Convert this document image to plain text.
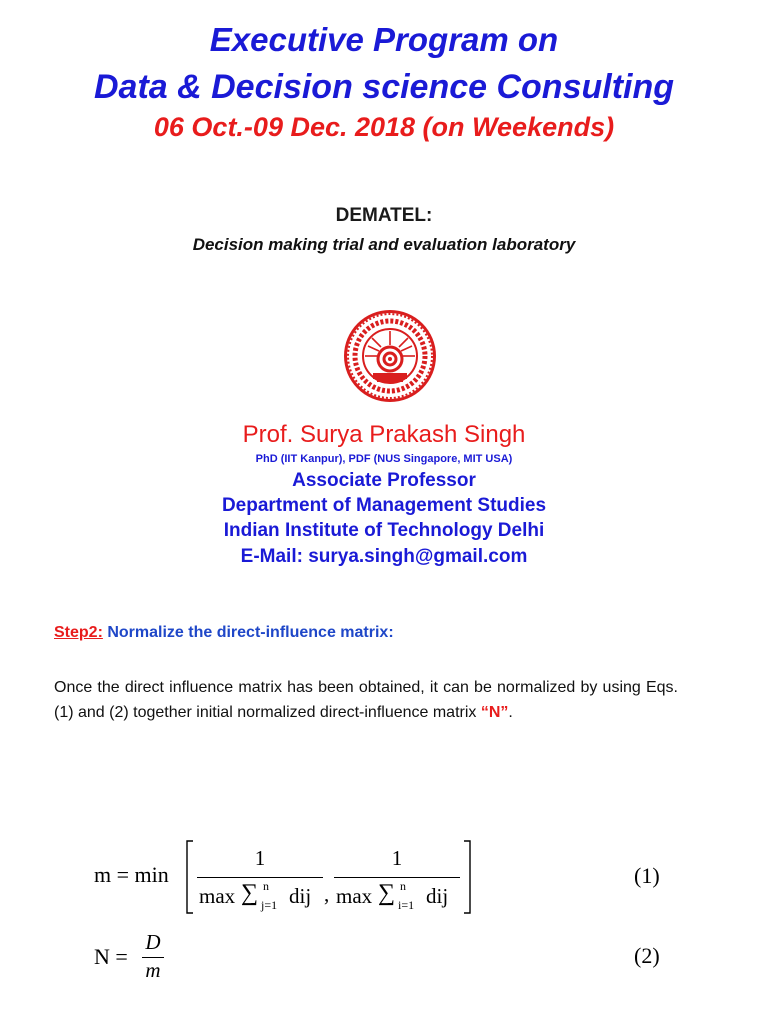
Executive Program on
Data & Decision science Consulting
06 Oct.-09 Dec. 2018 (on Weekends)
DEMATEL:
Decision making trial and evaluation laboratory
Prof. Surya Prakash Singh
PhD (IIT Kanpur), PDF (NUS Singapore, MIT USA)
Associate Professor
Department of Management Studies
Indian Institute of Technology Delhi
E-Mail: surya.singh@gmail.com
Step2: Normalize the direct-influence matrix:
Once the direct influence matrix has been obtained, it can be normalized by using Eqs. (1) and (2) together initial normalized direct-influence matrix “N”.
m = min
1
max ∑ n
j=1 dij ,
1
max ∑ n
i=1 dij
(1)
N =
D
m
(2)
